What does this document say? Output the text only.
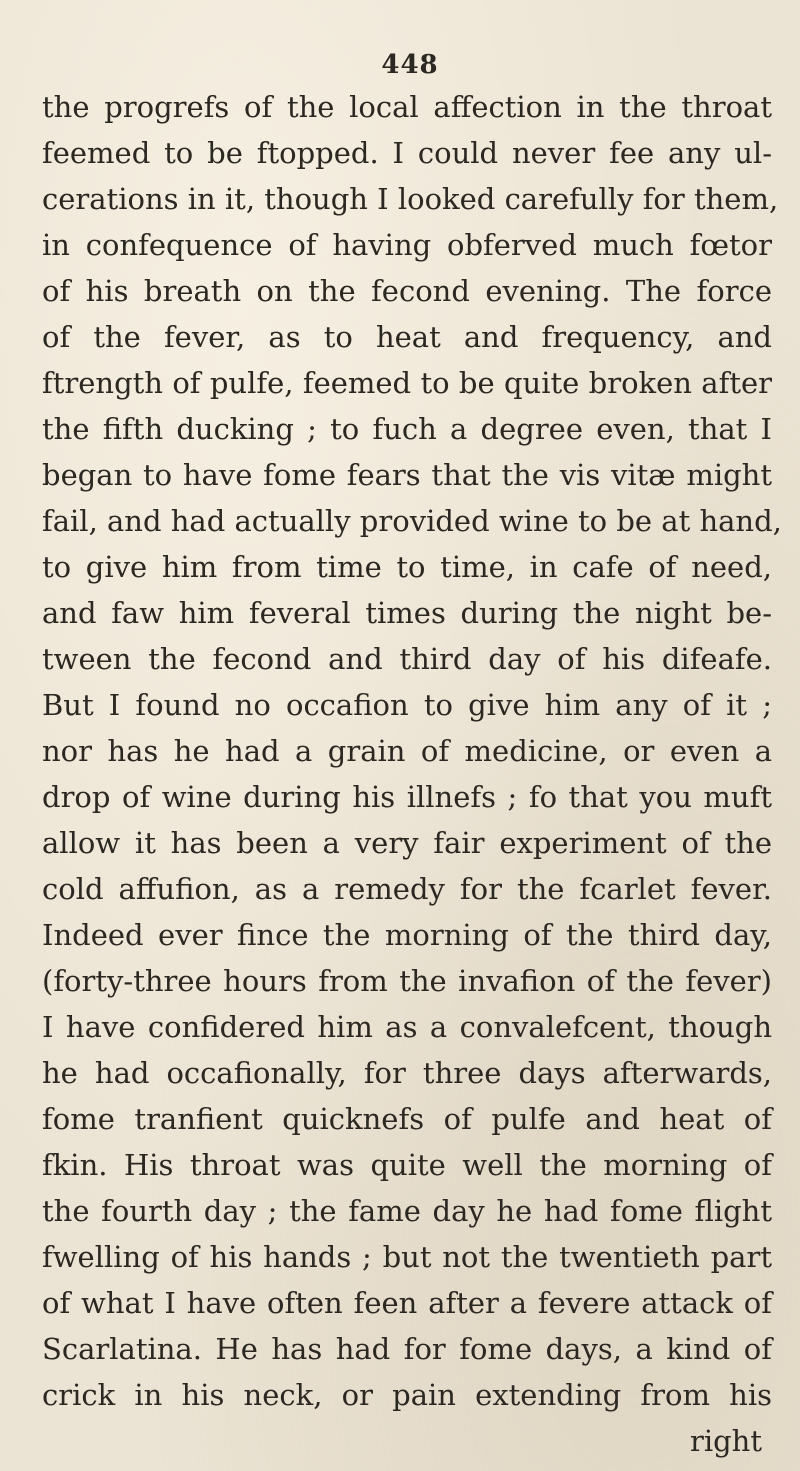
448
the progrefs of the local affection in the throat
feemed to be ftopped. I could never fee any ul-
cerations in it, though I looked carefully for them,
in confequence of having obferved much fœtor
of his breath on the fecond evening. The force
of the fever, as to heat and frequency, and
ftrength of pulfe, feemed to be quite broken after
the fifth ducking ; to fuch a degree even, that I
began to have fome fears that the vis vitæ might
fail, and had actually provided wine to be at hand,
to give him from time to time, in cafe of need,
and faw him feveral times during the night be-
tween the fecond and third day of his difeafe.
But I found no occafion to give him any of it ;
nor has he had a grain of medicine, or even a
drop of wine during his illnefs ; fo that you muft
allow it has been a very fair experiment of the
cold affufion, as a remedy for the fcarlet fever.
Indeed ever fince the morning of the third day,
(forty-three hours from the invafion of the fever)
I have confidered him as a convalefcent, though
he had occafionally, for three days afterwards,
fome tranfient quicknefs of pulfe and heat of
fkin. His throat was quite well the morning of
the fourth day ; the fame day he had fome flight
fwelling of his hands ; but not the twentieth part
of what I have often feen after a fevere attack of
Scarlatina. He has had for fome days, a kind of
crick in his neck, or pain extending from his
right
